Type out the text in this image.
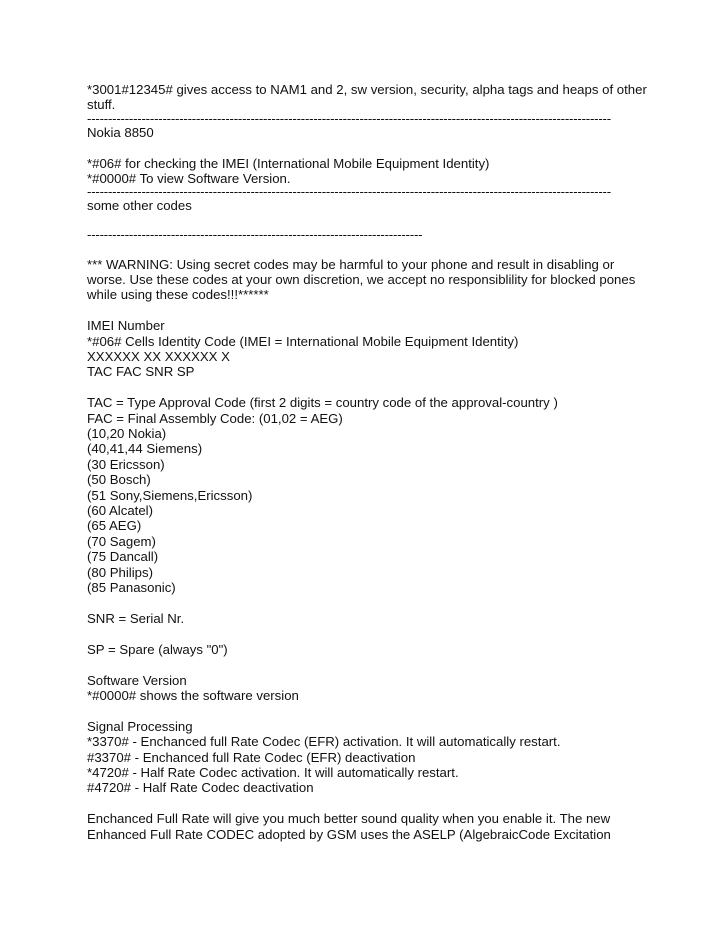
*3001#12345# gives access to NAM1 and 2, sw version, security, alpha tags and heaps of other stuff.
-----------------------------------------------------------------------------------------------------------------------------
Nokia 8850
*#06# for checking the IMEI (International Mobile Equipment Identity)
*#0000# To view Software Version.
-----------------------------------------------------------------------------------------------------------------------------
some other codes
--------------------------------------------------------------------------------
*** WARNING: Using secret codes may be harmful to your phone and result in disabling or
worse. Use these codes at your own discretion, we accept no responsiblility for blocked pones
while using these codes!!!******
IMEI Number
*#06# Cells Identity Code (IMEI = International Mobile Equipment Identity)
XXXXXX XX XXXXXX X
TAC FAC SNR SP
TAC = Type Approval Code (first 2 digits = country code of the approval-country )
FAC = Final Assembly Code: (01,02 = AEG)
(10,20 Nokia)
(40,41,44 Siemens)
(30 Ericsson)
(50 Bosch)
(51 Sony,Siemens,Ericsson)
(60 Alcatel)
(65 AEG)
(70 Sagem)
(75 Dancall)
(80 Philips)
(85 Panasonic)
SNR = Serial Nr.
SP = Spare (always "0")
Software Version
*#0000# shows the software version
Signal Processing
*3370# - Enchanced full Rate Codec (EFR) activation. It will automatically restart.
#3370# - Enchanced full Rate Codec (EFR) deactivation
*4720# - Half Rate Codec activation. It will automatically restart.
#4720# - Half Rate Codec deactivation
Enchanced Full Rate will give you much better sound quality when you enable it. The new
Enhanced Full Rate CODEC adopted by GSM uses the ASELP (AlgebraicCode Excitation
